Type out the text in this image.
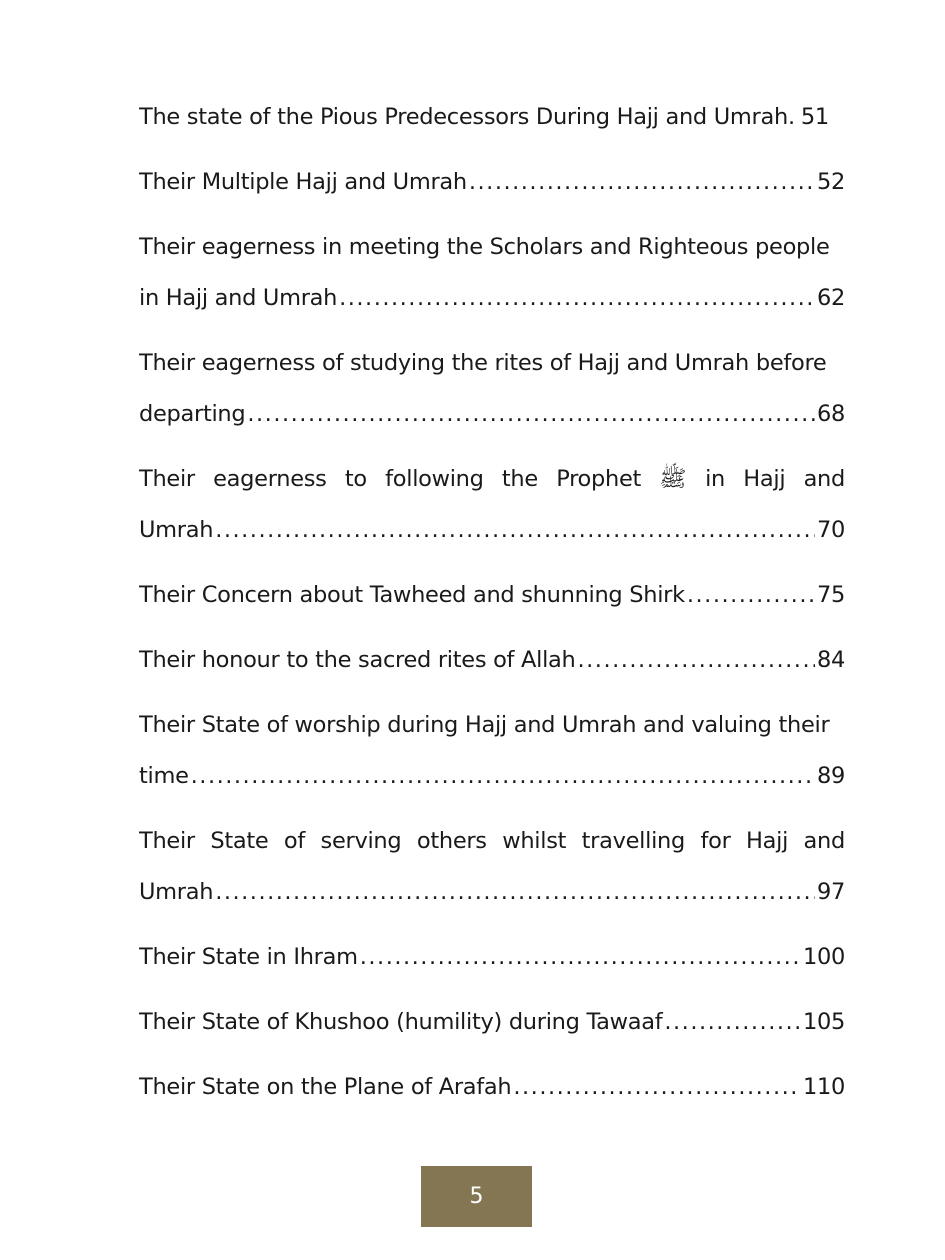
The state of the Pious Predecessors During Hajj and Umrah. 51
Their Multiple Hajj and Umrah .....	52
Their eagerness in meeting the Scholars and Righteous people
in Hajj and Umrah .....	62
Their eagerness of studying the rites of Hajj and Umrah before
departing .....	68
Their eagerness to following the Prophet ﷺ in Hajj and
Umrah .....	70
Their Concern about Tawheed and shunning Shirk .....	75
Their honour to the sacred rites of Allah .....	84
Their State of worship during Hajj and Umrah and valuing their
time .....	89
Their State of serving others whilst travelling for Hajj and
Umrah .....	97
Their State in Ihram .....	100
Their State of Khushoo (humility) during Tawaaf .....	105
Their State on the Plane of Arafah .....	110
5
